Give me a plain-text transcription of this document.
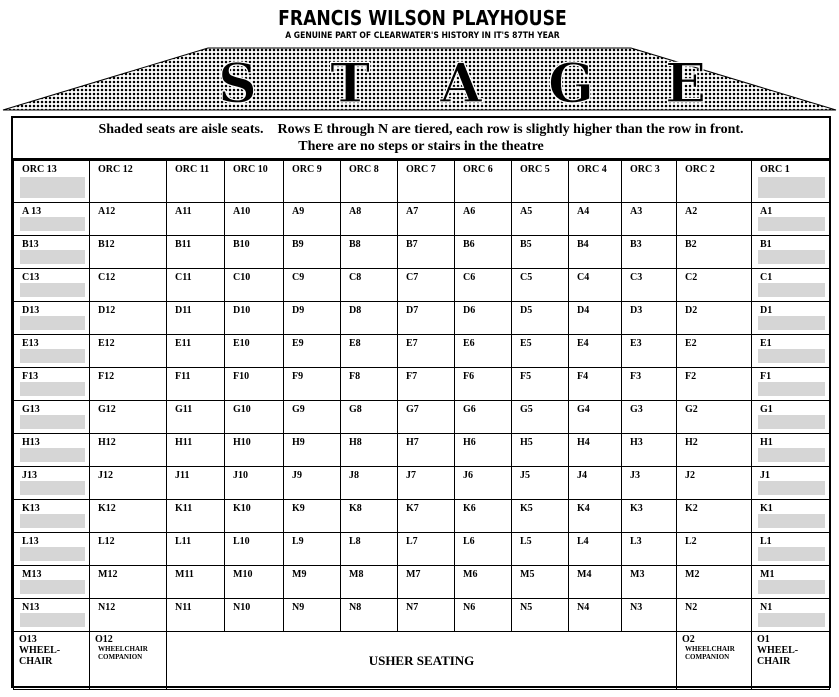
FRANCIS WILSON PLAYHOUSE
A GENUINE PART OF CLEARWATER'S HISTORY IN IT'S 87TH YEAR
S T A G E
Shaded seats are aisle seats.    Rows E through N are tiered, each row is slightly higher than the row in front.
There are no steps or stairs in the theatre
ORC 13	ORC 12	ORC 11	ORC 10	ORC 9	ORC 8	ORC 7	ORC 6	ORC 5	ORC 4	ORC 3	ORC 2	ORC 1

A 13	A12	A11	A10	A9	A8	A7	A6	A5	A4	A3	A2	A1

B13	B12	B11	B10	B9	B8	B7	B6	B5	B4	B3	B2	B1

C13	C12	C11	C10	C9	C8	C7	C6	C5	C4	C3	C2	C1

D13	D12	D11	D10	D9	D8	D7	D6	D5	D4	D3	D2	D1

E13	E12	E11	E10	E9	E8	E7	E6	E5	E4	E3	E2	E1

F13	F12	F11	F10	F9	F8	F7	F6	F5	F4	F3	F2	F1

G13	G12	G11	G10	G9	G8	G7	G6	G5	G4	G3	G2	G1

H13	H12	H11	H10	H9	H8	H7	H6	H5	H4	H3	H2	H1

J13	J12	J11	J10	J9	J8	J7	J6	J5	J4	J3	J2	J1

K13	K12	K11	K10	K9	K8	K7	K6	K5	K4	K3	K2	K1

L13	L12	L11	L10	L9	L8	L7	L6	L5	L4	L3	L2	L1

M13	M12	M11	M10	M9	M8	M7	M6	M5	M4	M3	M2	M1

N13	N12	N11	N10	N9	N8	N7	N6	N5	N4	N3	N2	N1

O13
WHEEL-
CHAIR	O12
WHEELCHAIR
COMPANION	USHER SEATING									O2
WHEELCHAIR
COMPANION	O1
WHEEL-
CHAIR
